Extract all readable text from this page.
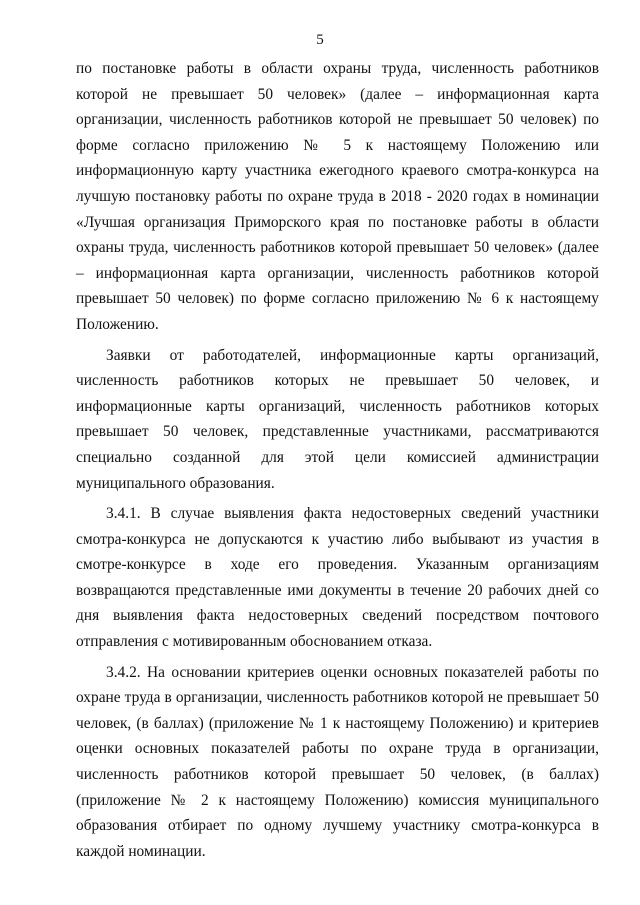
5

по постановке работы в области охраны труда, численность работников которой не превышает 50 человек» (далее – информационная карта организации, численность работников которой не превышает 50 человек) по форме согласно приложению № 5 к настоящему Положению или информационную карту участника ежегодного краевого смотра-конкурса на лучшую постановку работы по охране труда в 2018 - 2020 годах в номинации «Лучшая организация Приморского края по постановке работы в области охраны труда, численность работников которой превышает 50 человек» (далее – информационная карта организации, численность работников которой превышает 50 человек) по форме согласно приложению № 6 к настоящему Положению.

Заявки от работодателей, информационные карты организаций, численность работников которых не превышает 50 человек, и информационные карты организаций, численность работников которых превышает 50 человек, представленные участниками, рассматриваются специально созданной для этой цели комиссией администрации муниципального образования.

3.4.1. В случае выявления факта недостоверных сведений участники смотра-конкурса не допускаются к участию либо выбывают из участия в смотре-конкурсе в ходе его проведения. Указанным организациям возвращаются представленные ими документы в течение 20 рабочих дней со дня выявления факта недостоверных сведений посредством почтового отправления с мотивированным обоснованием отказа.

3.4.2. На основании критериев оценки основных показателей работы по охране труда в организации, численность работников которой не превышает 50 человек, (в баллах) (приложение № 1 к настоящему Положению) и критериев оценки основных показателей работы по охране труда в организации, численность работников которой превышает 50 человек, (в баллах) (приложение № 2 к настоящему Положению) комиссия муниципального образования отбирает по одному лучшему участнику смотра-конкурса в каждой номинации.
